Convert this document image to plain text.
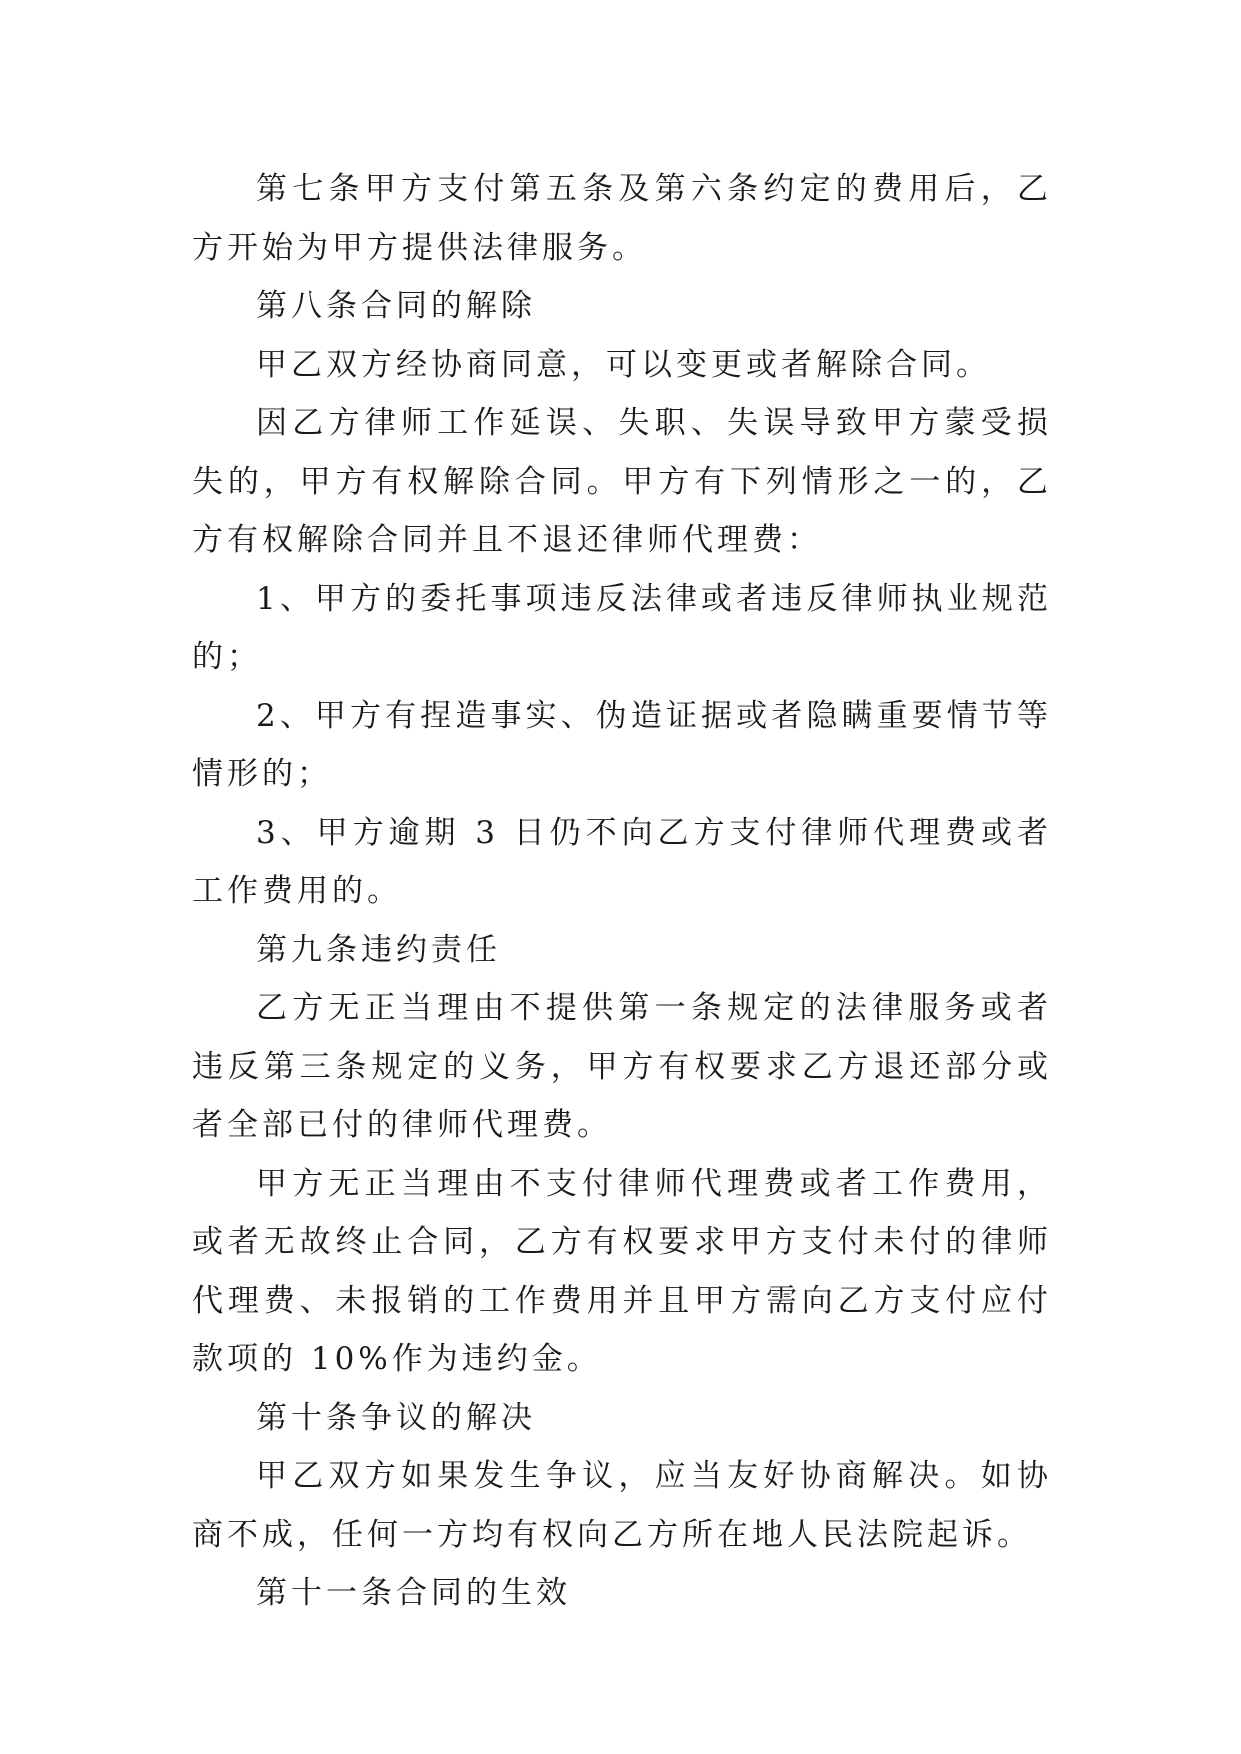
第七条甲方支付第五条及第六条约定的费用后，乙方开始为甲方提供法律服务。

第八条合同的解除

甲乙双方经协商同意，可以变更或者解除合同。

因乙方律师工作延误、失职、失误导致甲方蒙受损失的，甲方有权解除合同。甲方有下列情形之一的，乙方有权解除合同并且不退还律师代理费：

1、甲方的委托事项违反法律或者违反律师执业规范的；

2、甲方有捏造事实、伪造证据或者隐瞒重要情节等情形的；

3、甲方逾期 3 日仍不向乙方支付律师代理费或者工作费用的。

第九条违约责任

乙方无正当理由不提供第一条规定的法律服务或者违反第三条规定的义务，甲方有权要求乙方退还部分或者全部已付的律师代理费。

甲方无正当理由不支付律师代理费或者工作费用，或者无故终止合同，乙方有权要求甲方支付未付的律师代理费、未报销的工作费用并且甲方需向乙方支付应付款项的 10%作为违约金。

第十条争议的解决

甲乙双方如果发生争议，应当友好协商解决。如协商不成，任何一方均有权向乙方所在地人民法院起诉。

第十一条合同的生效
